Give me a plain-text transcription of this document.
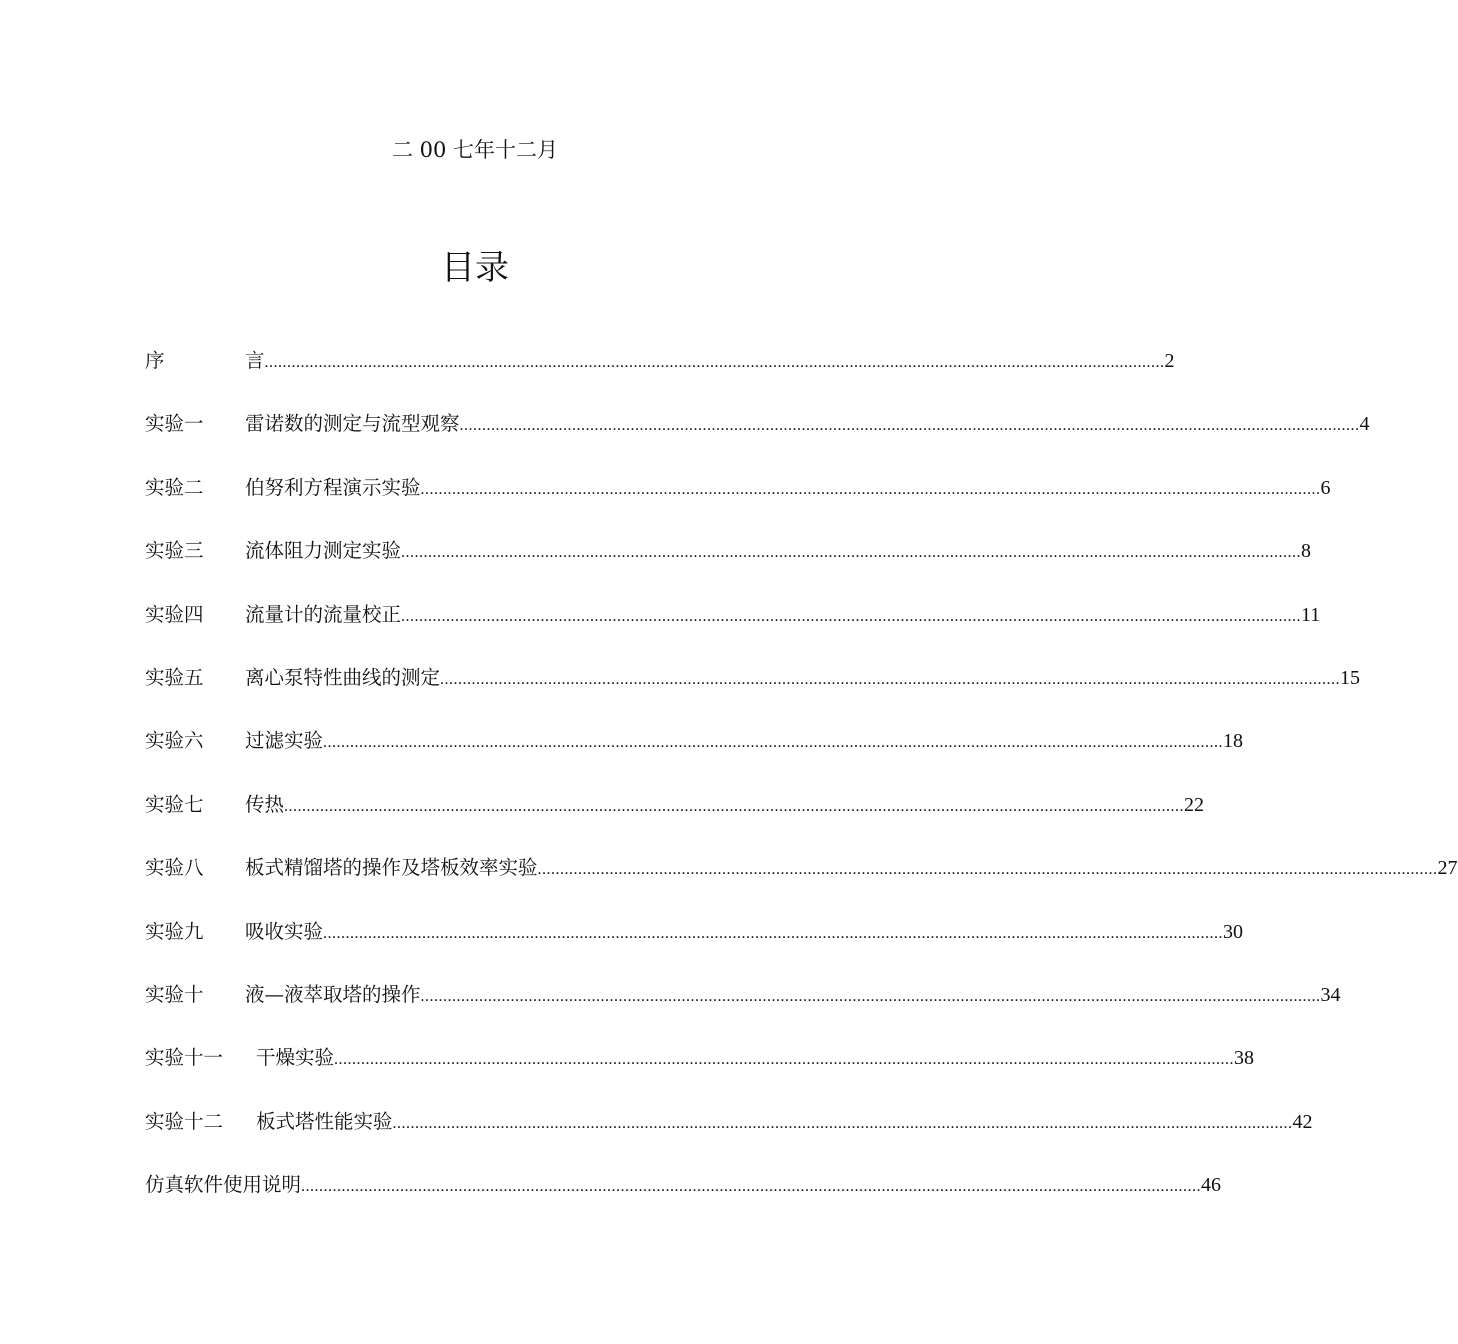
二 00 七年十二月
目录
序	言 ........................................................................................................................................................................................................ 2
实验一	雷诺数的测定与流型观察 ........................................................................................................................................................................................................ 4
实验二	伯努利方程演示实验 ........................................................................................................................................................................................................ 6
实验三	流体阻力测定实验 ........................................................................................................................................................................................................ 8
实验四	流量计的流量校正 ........................................................................................................................................................................................................ 11
实验五	离心泵特性曲线的测定 ........................................................................................................................................................................................................ 15
实验六	过滤实验 ........................................................................................................................................................................................................ 18
实验七	传热 ........................................................................................................................................................................................................ 22
实验八	板式精馏塔的操作及塔板效率实验 ........................................................................................................................................................................................................ 27
实验九	吸收实验 ........................................................................................................................................................................................................ 30
实验十	液—液萃取塔的操作 ........................................................................................................................................................................................................ 34
实验十一	干燥实验 ........................................................................................................................................................................................................ 38
实验十二	板式塔性能实验 ........................................................................................................................................................................................................ 42
仿真软件使用说明 ........................................................................................................................................................................................................ 46
